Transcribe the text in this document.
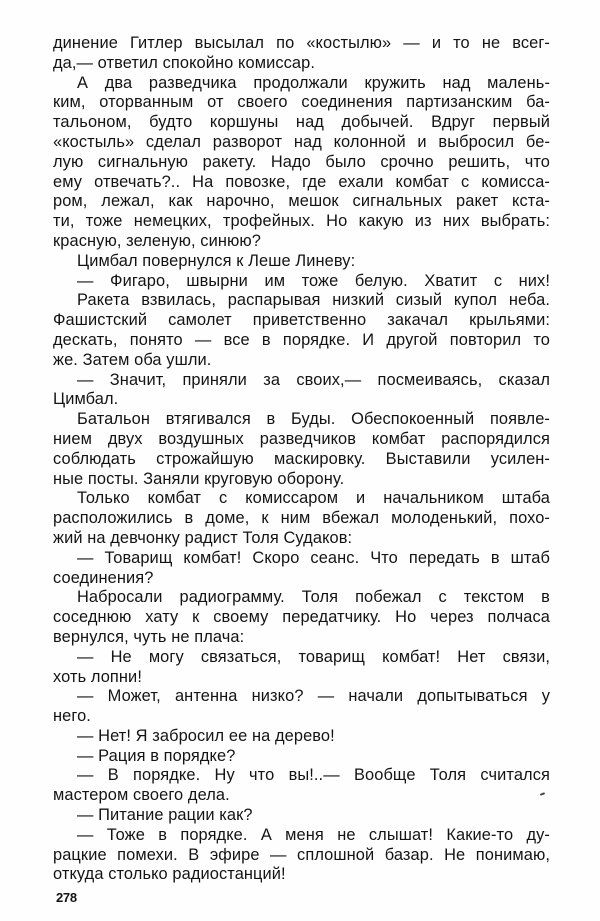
динение Гитлер высылал по «костылю» — и то не всег-
да,— ответил спокойно комиссар.
А два разведчика продолжали кружить над малень-
ким, оторванным от своего соединения партизанским ба-
тальоном, будто коршуны над добычей. Вдруг первый
«костыль» сделал разворот над колонной и выбросил бе-
лую сигнальную ракету. Надо было срочно решить, что
ему отвечать?.. На повозке, где ехали комбат с комисса-
ром, лежал, как нарочно, мешок сигнальных ракет кста-
ти, тоже немецких, трофейных. Но какую из них выбрать:
красную, зеленую, синюю?
Цимбал повернулся к Леше Линеву:
— Фигаро, швырни им тоже белую. Хватит с них!
Ракета взвилась, распарывая низкий сизый купол неба.
Фашистский самолет приветственно закачал крыльями:
дескать, понято — все в порядке. И другой повторил то
же. Затем оба ушли.
— Значит, приняли за своих,— посмеиваясь, сказал
Цимбал.
Батальон втягивался в Буды. Обеспокоенный появле-
нием двух воздушных разведчиков комбат распорядился
соблюдать строжайшую маскировку. Выставили усилен-
ные посты. Заняли круговую оборону.
Только комбат с комиссаром и начальником штаба
расположились в доме, к ним вбежал молоденький, похо-
жий на девчонку радист Толя Судаков:
— Товарищ комбат! Скоро сеанс. Что передать в штаб
соединения?
Набросали радиограмму. Толя побежал с текстом в
соседнюю хату к своему передатчику. Но через полчаса
вернулся, чуть не плача:
— Не могу связаться, товарищ комбат! Нет связи,
хоть лопни!
— Может, антенна низко? — начали допытываться у
него.
— Нет! Я забросил ее на дерево!
— Рация в порядке?
— В порядке. Ну что вы!..— Вообще Толя считался
мастером своего дела.
— Питание рации как?
— Тоже в порядке. А меня не слышат! Какие-то ду-
рацкие помехи. В эфире — сплошной базар. Не понимаю,
откуда столько радиостанций!
278
